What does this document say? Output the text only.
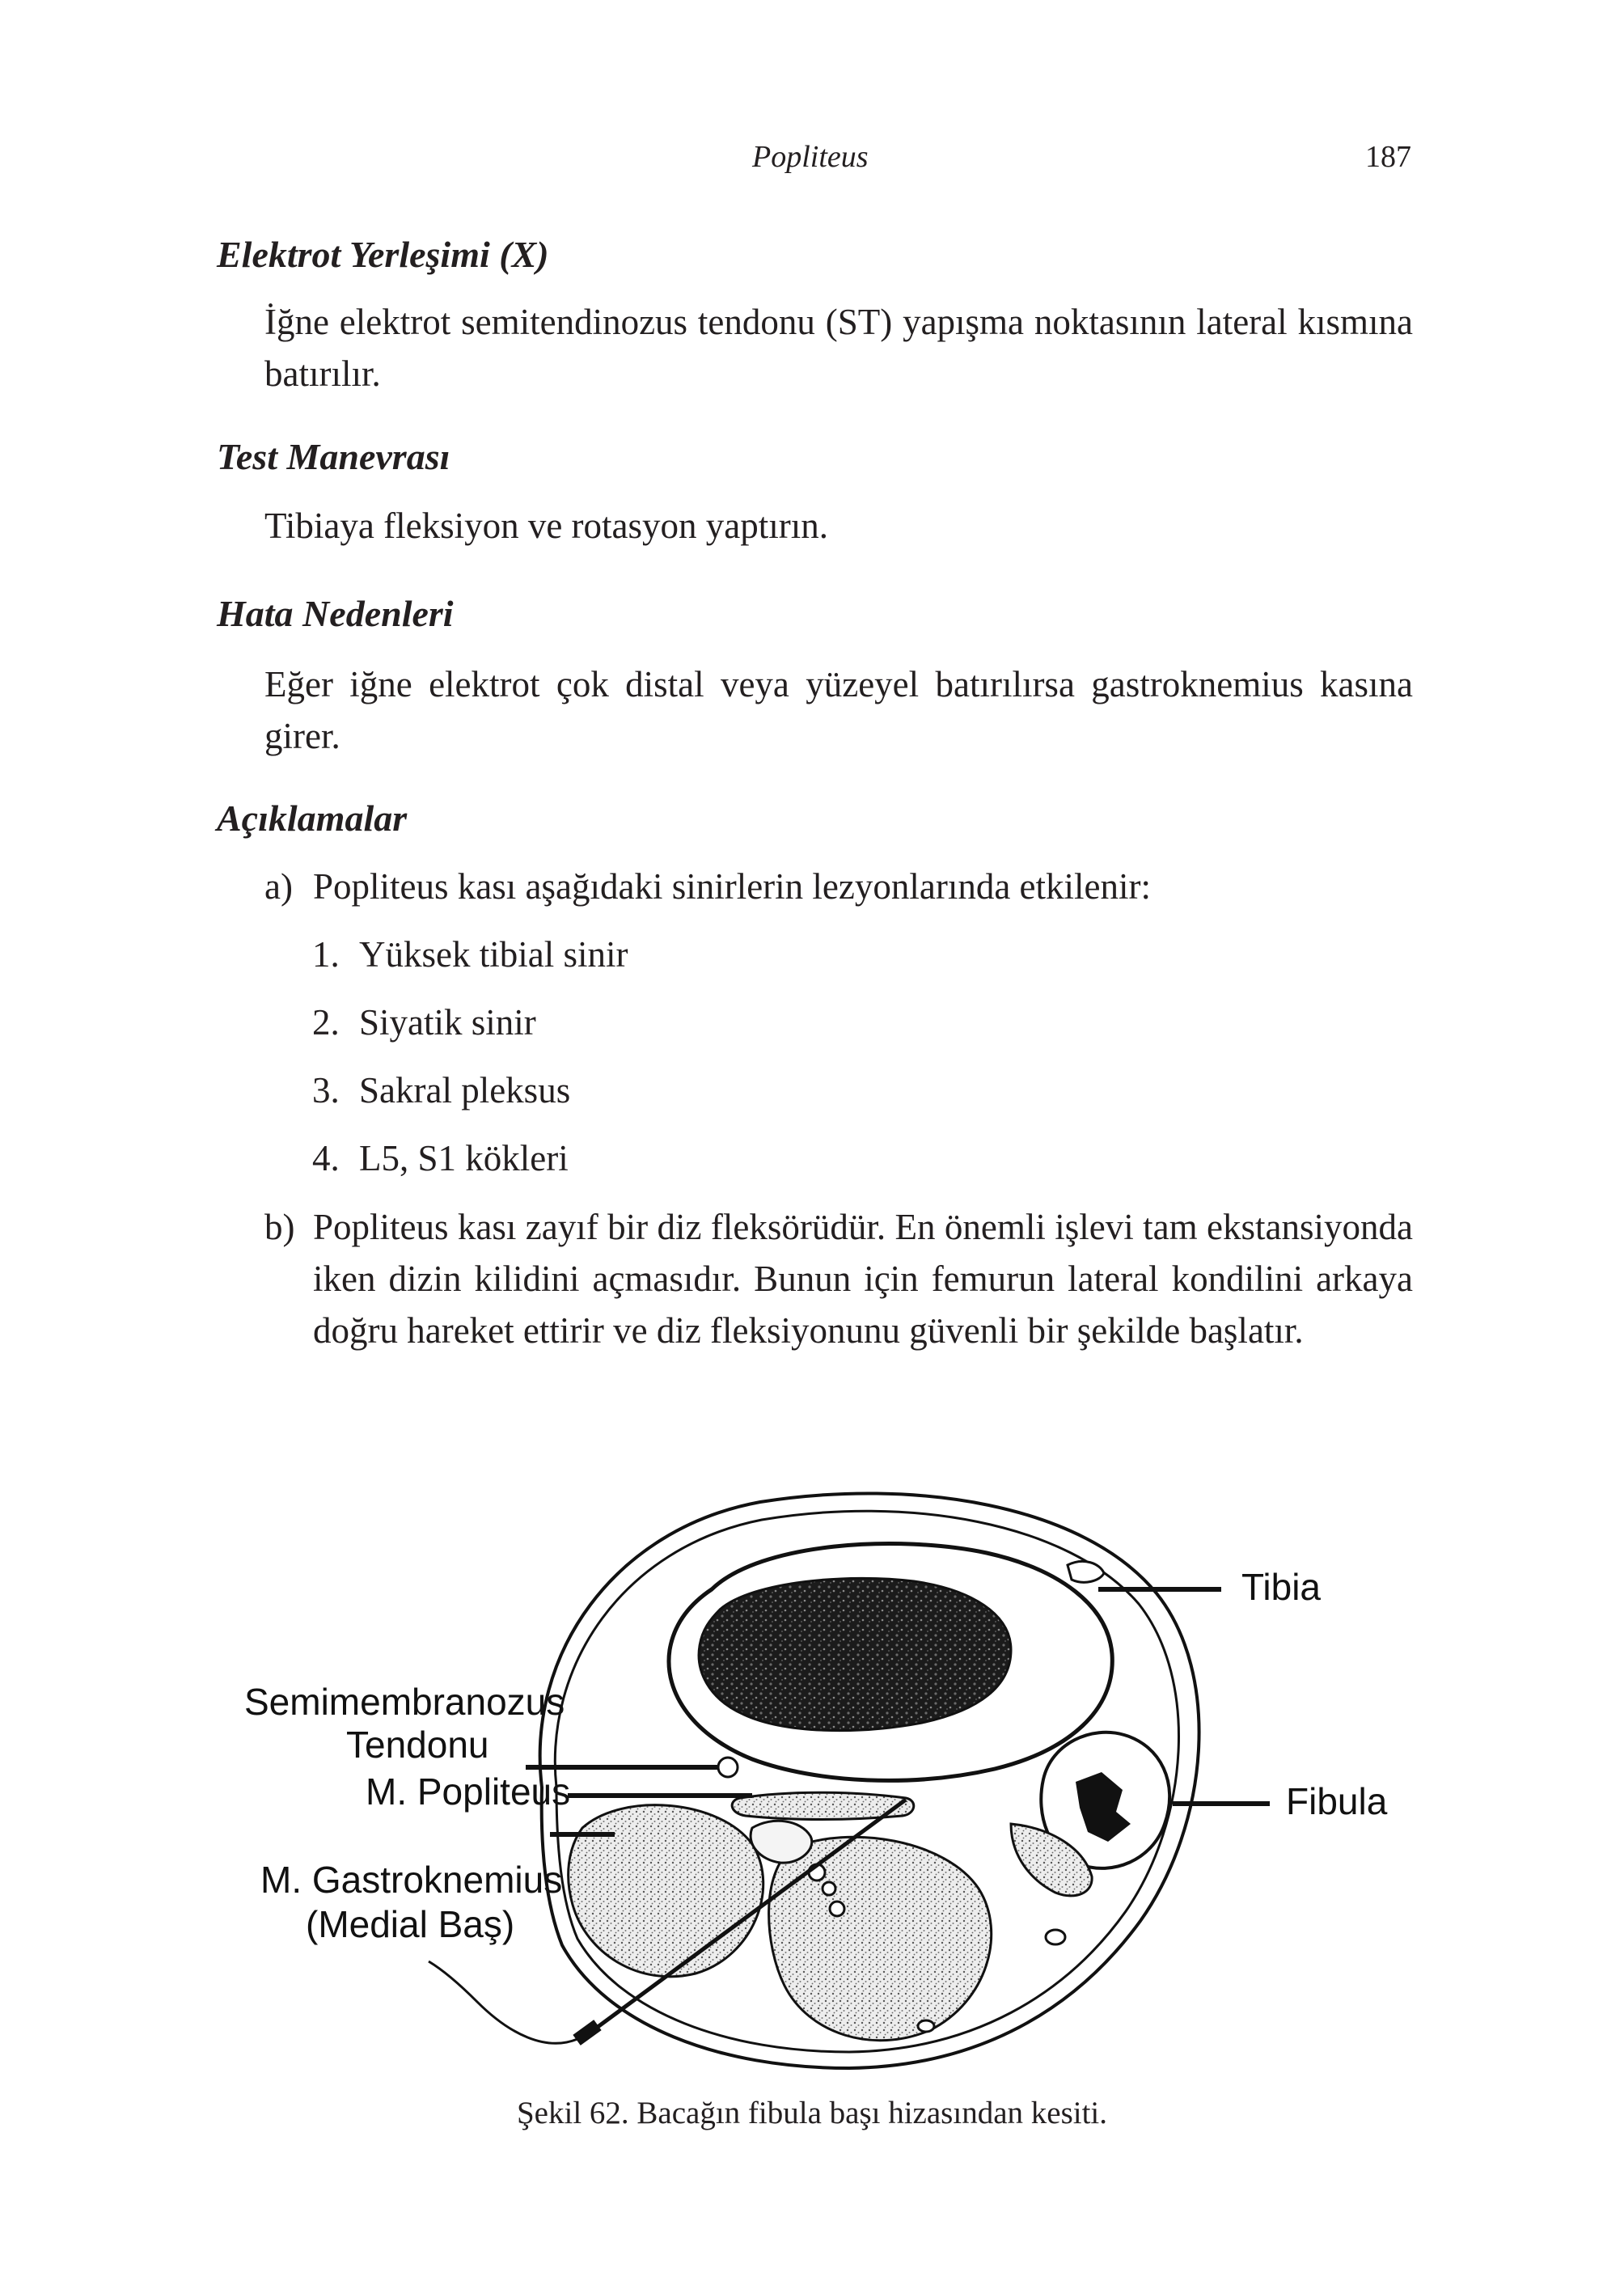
Popliteus	187
Elektrot Yerleşimi (X)
İğne elektrot semitendinozus tendonu (ST) yapışma noktasının lateral kısmına batırılır.
Test Manevrası
Tibiaya fleksiyon ve rotasyon yaptırın.
Hata Nedenleri
Eğer iğne elektrot çok distal veya yüzeyel batırılırsa gastroknemius kasına girer.
Açıklamalar
a) Popliteus kası aşağıdaki sinirlerin lezyonlarında etkilenir:
1. Yüksek tibial sinir
2. Siyatik sinir
3. Sakral pleksus
4. L5, S1 kökleri
b) Popliteus kası zayıf bir diz fleksörüdür. En önemli işlevi tam ekstansiyonda iken dizin kilidini açmasıdır. Bunun için femurun lateral kondilini arkaya doğru hareket ettirir ve diz fleksiyonunu güvenli bir şekilde başlatır.
Tibia
Fibula
Semimembranozus
Tendonu
M. Popliteus
M. Gastroknemius
(Medial Baş)
Şekil 62. Bacağın fibula başı hizasından kesiti.
